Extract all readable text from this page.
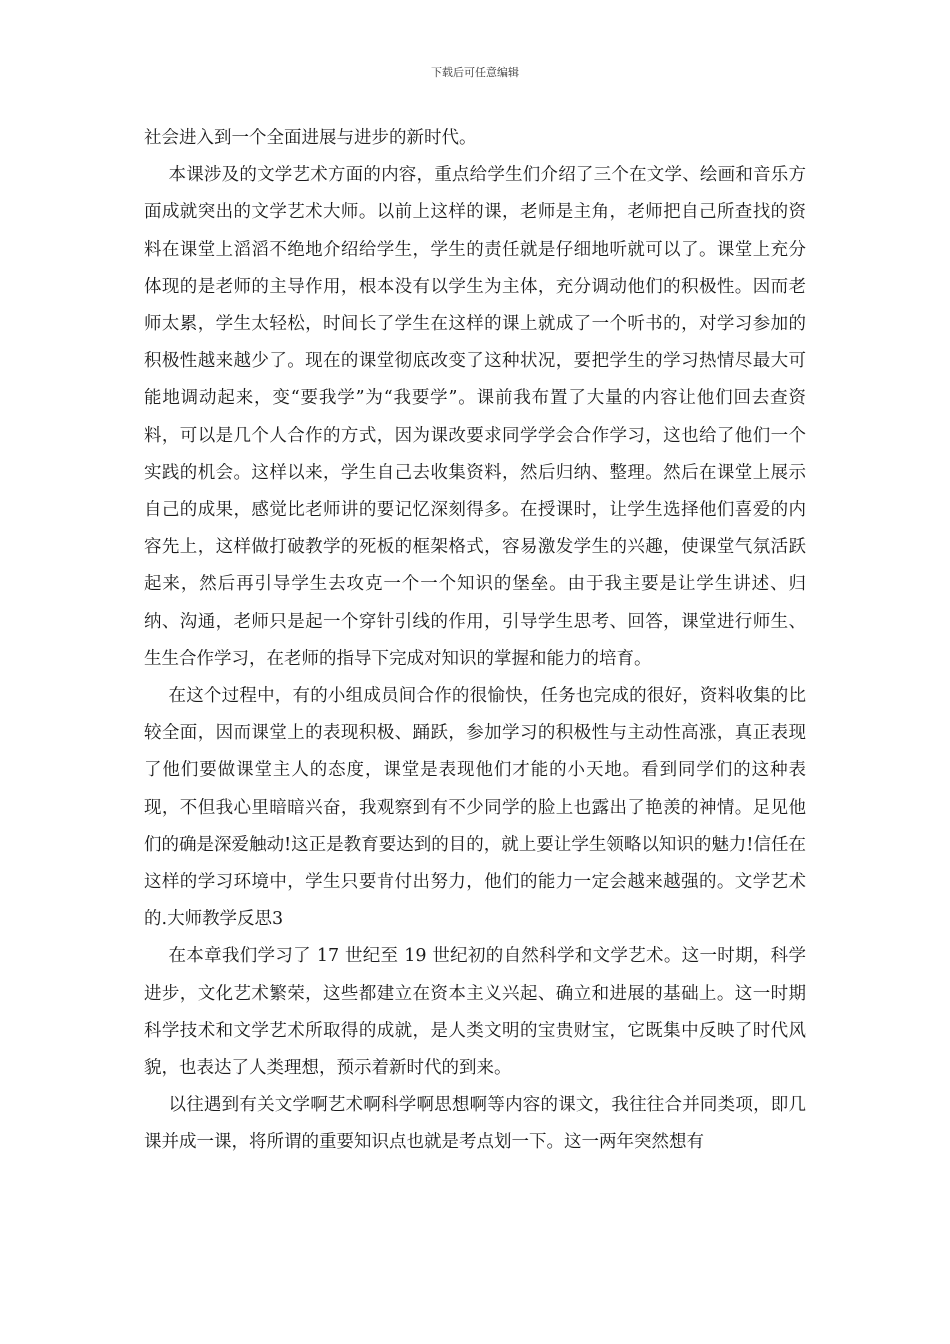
下载后可任意编辑

社会进入到一个全面进展与进步的新时代。

本课涉及的文学艺术方面的内容，重点给学生们介绍了三个在文学、绘画和音乐方面成就突出的文学艺术大师。以前上这样的课，老师是主角，老师把自己所查找的资料在课堂上滔滔不绝地介绍给学生，学生的责任就是仔细地听就可以了。课堂上充分体现的是老师的主导作用，根本没有以学生为主体，充分调动他们的积极性。因而老师太累，学生太轻松，时间长了学生在这样的课上就成了一个听书的，对学习参加的积极性越来越少了。现在的课堂彻底改变了这种状况，要把学生的学习热情尽最大可能地调动起来，变“要我学”为“我要学”。课前我布置了大量的内容让他们回去查资料，可以是几个人合作的方式，因为课改要求同学学会合作学习，这也给了他们一个实践的机会。这样以来，学生自己去收集资料，然后归纳、整理。然后在课堂上展示自己的成果，感觉比老师讲的要记忆深刻得多。在授课时，让学生选择他们喜爱的内容先上，这样做打破教学的死板的框架格式，容易激发学生的兴趣，使课堂气氛活跃起来，然后再引导学生去攻克一个一个知识的堡垒。由于我主要是让学生讲述、归纳、沟通，老师只是起一个穿针引线的作用，引导学生思考、回答，课堂进行师生、生生合作学习，在老师的指导下完成对知识的掌握和能力的培育。

在这个过程中，有的小组成员间合作的很愉快，任务也完成的很好，资料收集的比较全面，因而课堂上的表现积极、踊跃，参加学习的积极性与主动性高涨，真正表现了他们要做课堂主人的态度，课堂是表现他们才能的小天地。看到同学们的这种表现，不但我心里暗暗兴奋，我观察到有不少同学的脸上也露出了艳羡的神情。足见他们的确是深爱触动!这正是教育要达到的目的，就上要让学生领略以知识的魅力!信任在这样的学习环境中，学生只要肯付出努力，他们的能力一定会越来越强的。文学艺术的.大师教学反思3

在本章我们学习了 17 世纪至 19 世纪初的自然科学和文学艺术。这一时期，科学进步，文化艺术繁荣，这些都建立在资本主义兴起、确立和进展的基础上。这一时期科学技术和文学艺术所取得的成就，是人类文明的宝贵财宝，它既集中反映了时代风貌，也表达了人类理想，预示着新时代的到来。

以往遇到有关文学啊艺术啊科学啊思想啊等内容的课文，我往往合并同类项，即几课并成一课，将所谓的重要知识点也就是考点划一下。这一两年突然想有
